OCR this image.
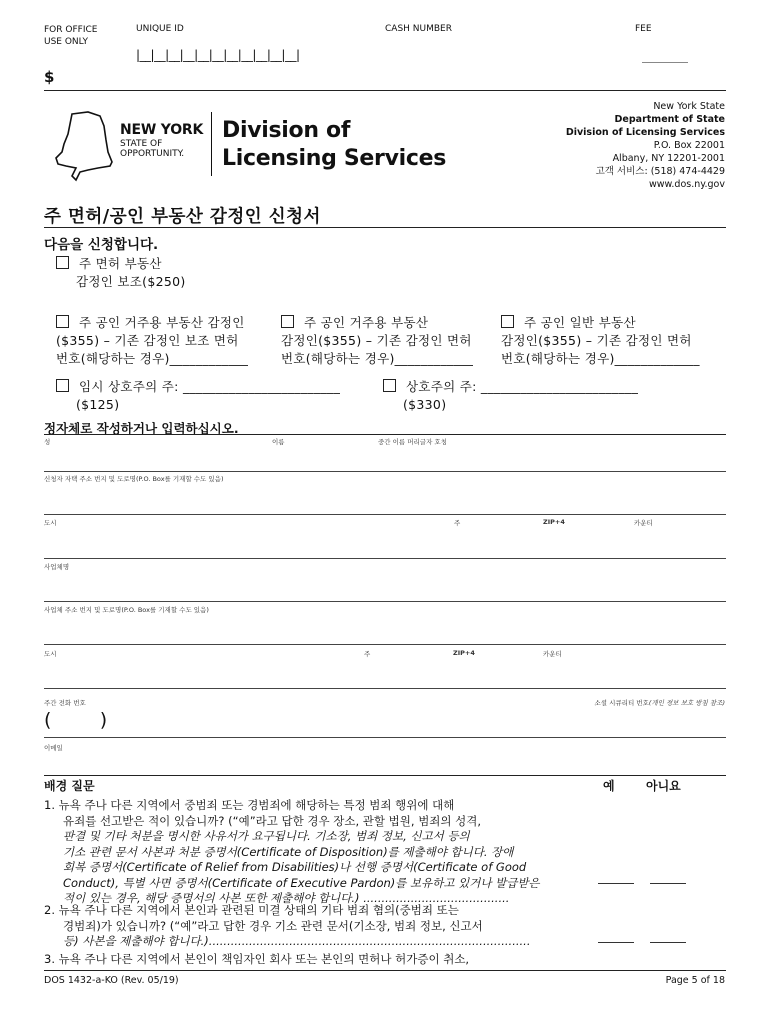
FOR OFFICE
USE ONLY
UNIQUE ID	CASH NUMBER	FEE
|__|__|__|__|__|__|__|__|__|__|__|
$
NEW YORK
STATE OF
OPPORTUNITY.
Division of
Licensing Services
New York State
Department of State
Division of Licensing Services
P.O. Box 22001
Albany, NY 12201-2001
고객 서비스: (518) 474-4429
www.dos.ny.gov
주 면허/공인 부동산 감정인 신청서
다음을 신청합니다.
주 면허 부동산
감정인 보조($250)
주 공인 거주용 부동산 감정인
($355) – 기존 감정인 보조 면허
번호(해당하는 경우)____________
주 공인 거주용 부동산
감정인($355) – 기존 감정인 면허
번호(해당하는 경우)____________
주 공인 일반 부동산
감정인($355) – 기존 감정인 면허
번호(해당하는 경우)_____________
임시 상호주의 주: ________________________
($125)
상호주의 주: ________________________
($330)
정자체로 작성하거나 입력하십시오.
성	이름	중간 이름 머리글자 호칭
신청자 자택 주소 번지 및 도로명(P.O. Box를 기재할 수도 있음)
도시	주	ZIP+4	카운티
사업체명
사업체 주소 번지 및 도로명(P.O. Box를 기재할 수도 있음)
도시	주	ZIP+4	카운티
주간 전화 번호
(        )
소셜 시큐리티 번호(개인 정보 보호 방침 참조)
이메일
배경 질문	예	아니요
1. 뉴욕 주나 다른 지역에서 중범죄 또는 경범죄에 해당하는 특정 범죄 행위에 대해
유죄를 선고받은 적이 있습니까? (“예”라고 답한 경우 장소, 관할 법원, 범죄의 성격,
판결 및 기타 처분을 명시한 사유서가 요구됩니다. 기소장, 범죄 정보, 신고서 등의
기소 관련 문서 사본과 처분 증명서(Certificate of Disposition)를 제출해야 합니다. 장애
회복 증명서(Certificate of Relief from Disabilities)나 선행 증명서(Certificate of Good
Conduct), 특별 사면 증명서(Certificate of Executive Pardon)를 보유하고 있거나 발급받은
적이 있는 경우, 해당 증명서의 사본 또한 제출해야 합니다.) ........................................
2. 뉴욕 주나 다른 지역에서 본인과 관련된 미결 상태의 기타 범죄 혐의(중범죄 또는
경범죄)가 있습니까? (“예”라고 답한 경우 기소 관련 문서(기소장, 범죄 정보, 신고서
등) 사본을 제출해야 합니다.)........................................................................................
3. 뉴욕 주나 다른 지역에서 본인이 책임자인 회사 또는 본인의 면허나 허가증이 취소,
DOS 1432-a-KO (Rev. 05/19)	Page 5 of 18
